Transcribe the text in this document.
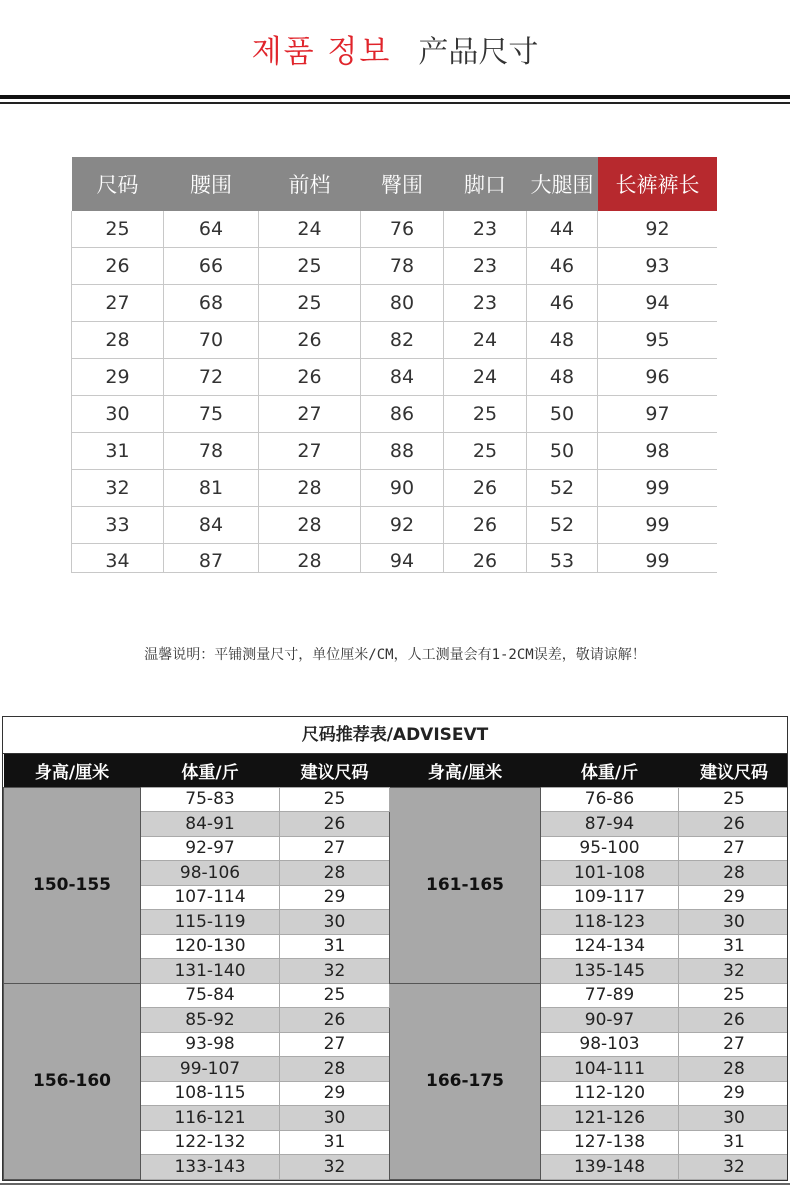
제품 정보 产品尺寸
尺码	腰围	前档	臀围	脚口	大腿围	长裤裤长
25	64	24	76	23	44	92
26	66	25	78	23	46	93
27	68	25	80	23	46	94
28	70	26	82	24	48	95
29	72	26	84	24	48	96
30	75	27	86	25	50	97
31	78	27	88	25	50	98
32	81	28	90	26	52	99
33	84	28	92	26	52	99
34	87	28	94	26	53	99
温馨说明：平铺测量尺寸，单位厘米/CM，人工测量会有1-2CM误差，敬请谅解！
尺码推荐表/ADVISEVT
身高/厘米	体重/斤	建议尺码	身高/厘米	体重/斤	建议尺码
150-155	75-83	25	161-165	76-86	25
	84-91	26		87-94	26
	92-97	27		95-100	27
	98-106	28		101-108	28
	107-114	29		109-117	29
	115-119	30		118-123	30
	120-130	31		124-134	31
	131-140	32		135-145	32
156-160	75-84	25	166-175	77-89	25
	85-92	26		90-97	26
	93-98	27		98-103	27
	99-107	28		104-111	28
	108-115	29		112-120	29
	116-121	30		121-126	30
	122-132	31		127-138	31
	133-143	32		139-148	32
